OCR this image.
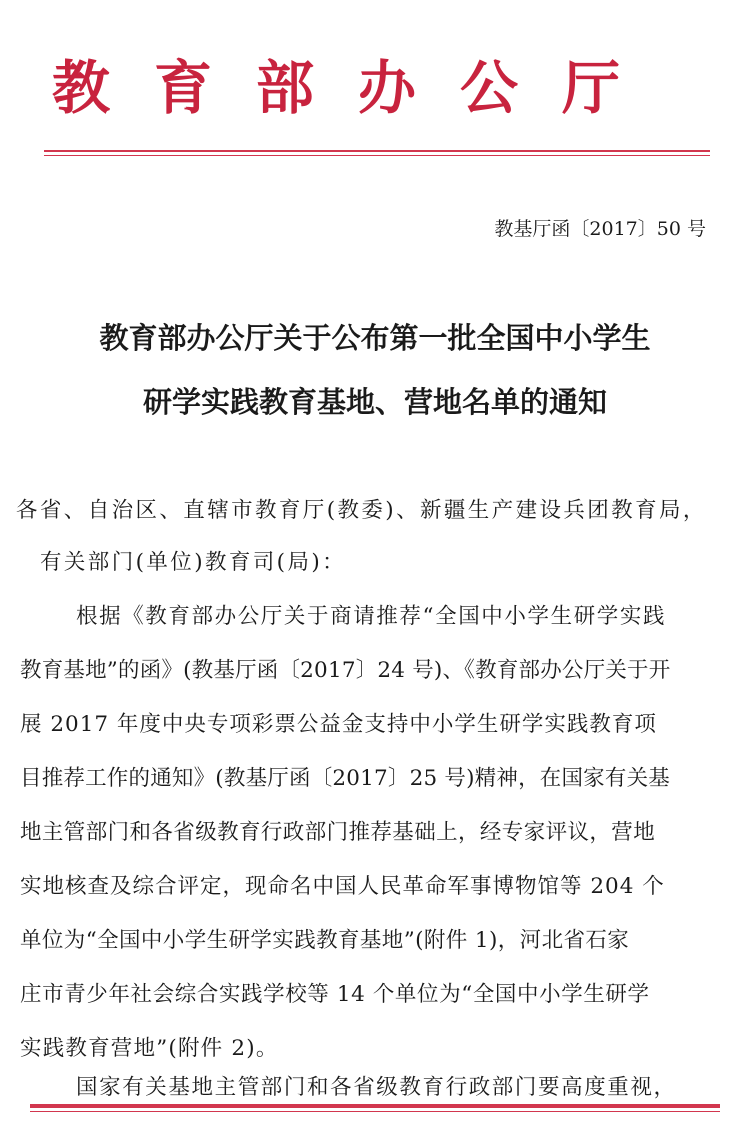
教育部办公厅
教基厅函〔2017〕50 号
教育部办公厅关于公布第一批全国中小学生
研学实践教育基地、营地名单的通知
各省、自治区、直辖市教育厅(教委)、新疆生产建设兵团教育局，
有关部门(单位)教育司(局)：
根据《教育部办公厅关于商请推荐“全国中小学生研学实践
教育基地”的函》(教基厅函〔2017〕24 号)、《教育部办公厅关于开
展 2017 年度中央专项彩票公益金支持中小学生研学实践教育项
目推荐工作的通知》(教基厅函〔2017〕25 号)精神，在国家有关基
地主管部门和各省级教育行政部门推荐基础上，经专家评议，营地
实地核查及综合评定，现命名中国人民革命军事博物馆等 204 个
单位为“全国中小学生研学实践教育基地”(附件 1)，河北省石家
庄市青少年社会综合实践学校等 14 个单位为“全国中小学生研学
实践教育营地”(附件 2)。
国家有关基地主管部门和各省级教育行政部门要高度重视，
